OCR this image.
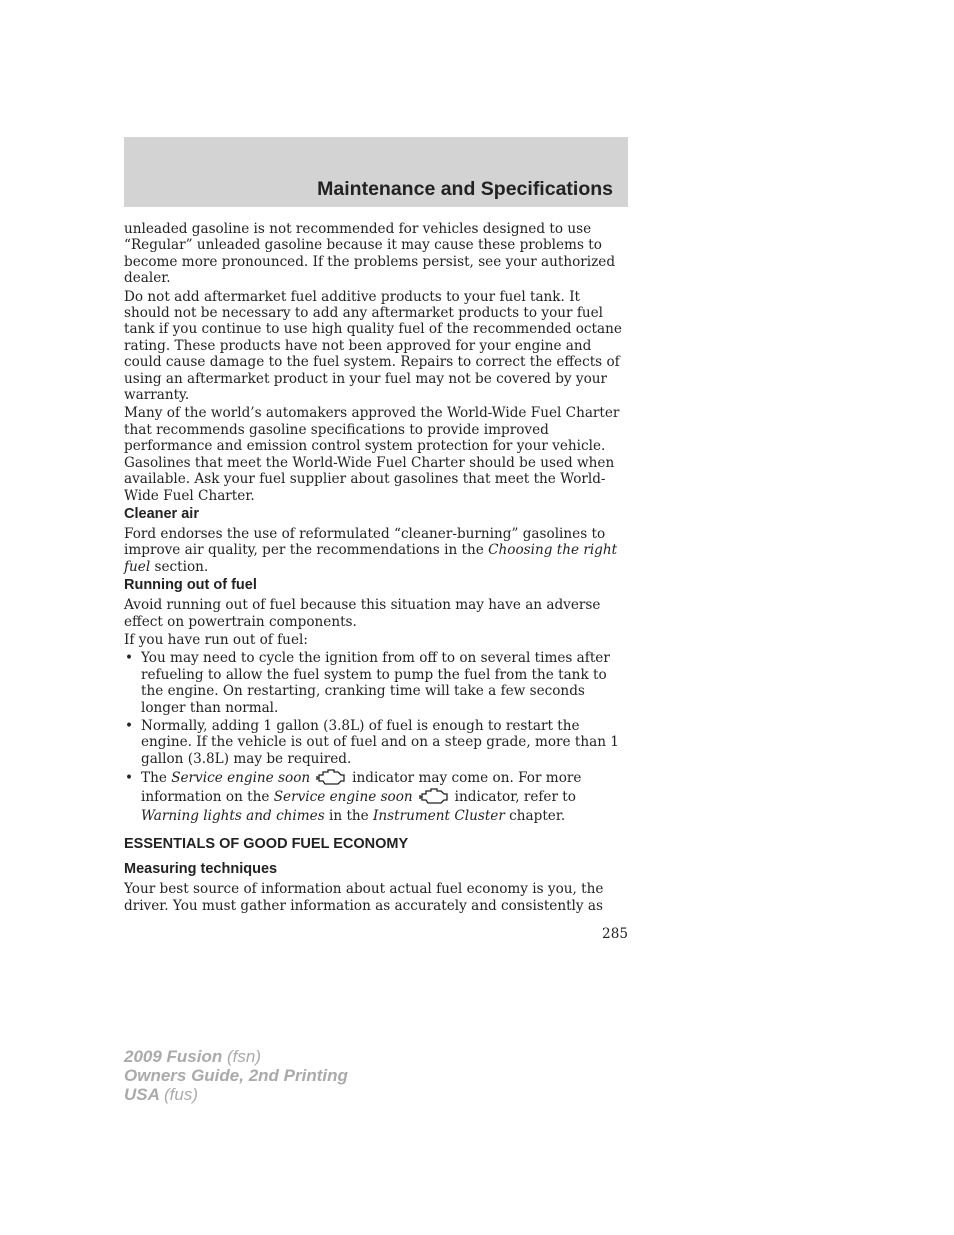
Maintenance and Specifications

unleaded gasoline is not recommended for vehicles designed to use “Regular” unleaded gasoline because it may cause these problems to become more pronounced. If the problems persist, see your authorized dealer.

Do not add aftermarket fuel additive products to your fuel tank. It should not be necessary to add any aftermarket products to your fuel tank if you continue to use high quality fuel of the recommended octane rating. These products have not been approved for your engine and could cause damage to the fuel system. Repairs to correct the effects of using an aftermarket product in your fuel may not be covered by your warranty.

Many of the world’s automakers approved the World-Wide Fuel Charter that recommends gasoline specifications to provide improved performance and emission control system protection for your vehicle. Gasolines that meet the World-Wide Fuel Charter should be used when available. Ask your fuel supplier about gasolines that meet the World-Wide Fuel Charter.

Cleaner air

Ford endorses the use of reformulated “cleaner-burning” gasolines to improve air quality, per the recommendations in the Choosing the right fuel section.

Running out of fuel

Avoid running out of fuel because this situation may have an adverse effect on powertrain components.

If you have run out of fuel:

• You may need to cycle the ignition from off to on several times after refueling to allow the fuel system to pump the fuel from the tank to the engine. On restarting, cranking time will take a few seconds longer than normal.
• Normally, adding 1 gallon (3.8L) of fuel is enough to restart the engine. If the vehicle is out of fuel and on a steep grade, more than 1 gallon (3.8L) may be required.
• The Service engine soon	indicator may come on. For more information on the Service engine soon	indicator, refer to Warning lights and chimes in the Instrument Cluster chapter.
ESSENTIALS OF GOOD FUEL ECONOMY
Measuring techniques

Your best source of information about actual fuel economy is you, the driver. You must gather information as accurately and consistently as

285
2009 Fusion (fsn)
Owners Guide, 2nd Printing
USA (fus)
